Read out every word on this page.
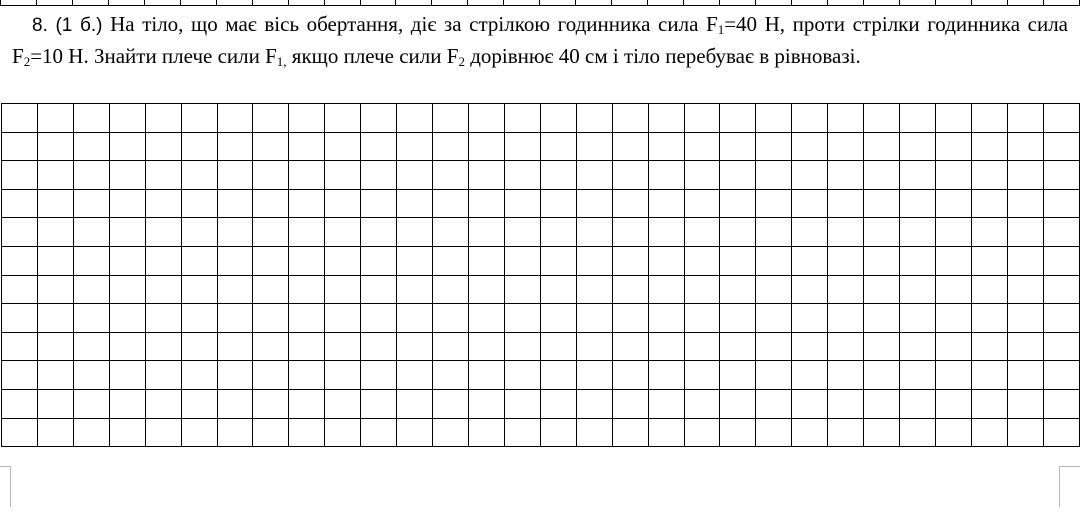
8. (1 б.) На тіло, що має вісь обертання, діє за стрілкою годинника сила $F_1=40$ Н, проти стрілки годинника сила $F_2=10$ Н. Знайти плече сили $F_{1,}$ якщо плече сили $F_2$ дорівнює 40 см і тіло перебуває в рівновазі.
